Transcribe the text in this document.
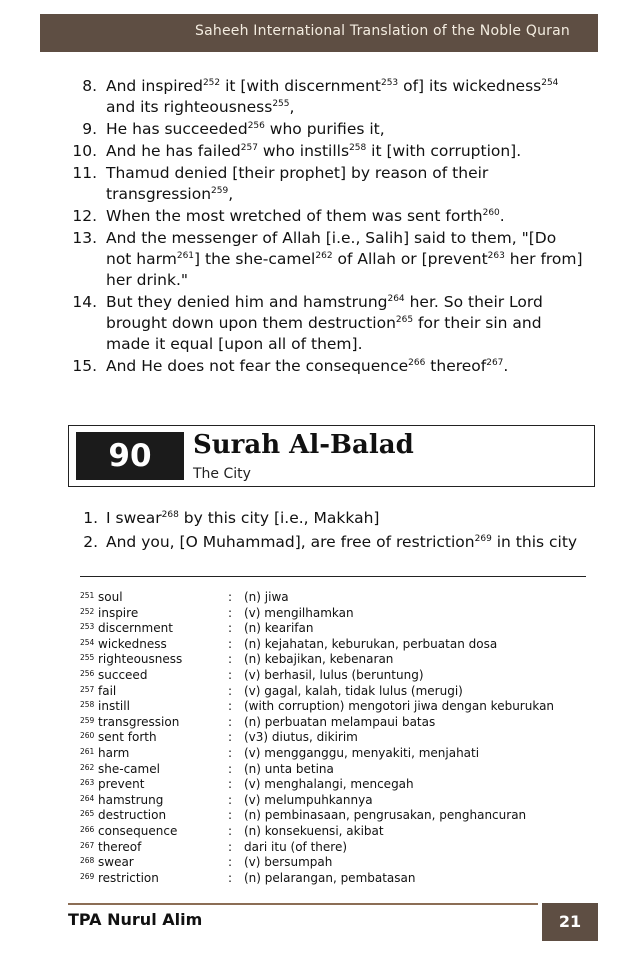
Saheeh International Translation of the Noble Quran
8. And inspired$^{252}$ it [with discernment$^{253}$ of] its wickedness$^{254}$ and its righteousness$^{255}$,
9. He has succeeded$^{256}$ who purifies it,
10. And he has failed$^{257}$ who instills$^{258}$ it [with corruption].
11. Thamud denied [their prophet] by reason of their transgression$^{259}$,
12. When the most wretched of them was sent forth$^{260}$.
13. And the messenger of Allah [i.e., Salih] said to them, "[Do not harm$^{261}$] the she-camel$^{262}$ of Allah or [prevent$^{263}$ her from] her drink."
14. But they denied him and hamstrung$^{264}$ her. So their Lord brought down upon them destruction$^{265}$ for their sin and made it equal [upon all of them].
15. And He does not fear the consequence$^{266}$ thereof$^{267}$.
90	Surah Al-Balad
The City
1. I swear$^{268}$ by this city [i.e., Makkah]
2. And you, [O Muhammad], are free of restriction$^{269}$ in this city
251 soul	: (n) jiwa
252 inspire	: (v) mengilhamkan
253 discernment	: (n) kearifan
254 wickedness	: (n) kejahatan, keburukan, perbuatan dosa
255 righteousness	: (n) kebajikan, kebenaran
256 succeed	: (v) berhasil, lulus (beruntung)
257 fail	: (v) gagal, kalah, tidak lulus (merugi)
258 instill	: (with corruption) mengotori jiwa dengan keburukan
259 transgression	: (n) perbuatan melampaui batas
260 sent forth	: (v3) diutus, dikirim
261 harm	: (v) mengganggu, menyakiti, menjahati
262 she-camel	: (n) unta betina
263 prevent	: (v) menghalangi, mencegah
264 hamstrung	: (v) melumpuhkannya
265 destruction	: (n) pembinasaan, pengrusakan, penghancuran
266 consequence	: (n) konsekuensi, akibat
267 thereof	: dari itu (of there)
268 swear	: (v) bersumpah
269 restriction	: (n) pelarangan, pembatasan
TPA Nurul Alim	21
